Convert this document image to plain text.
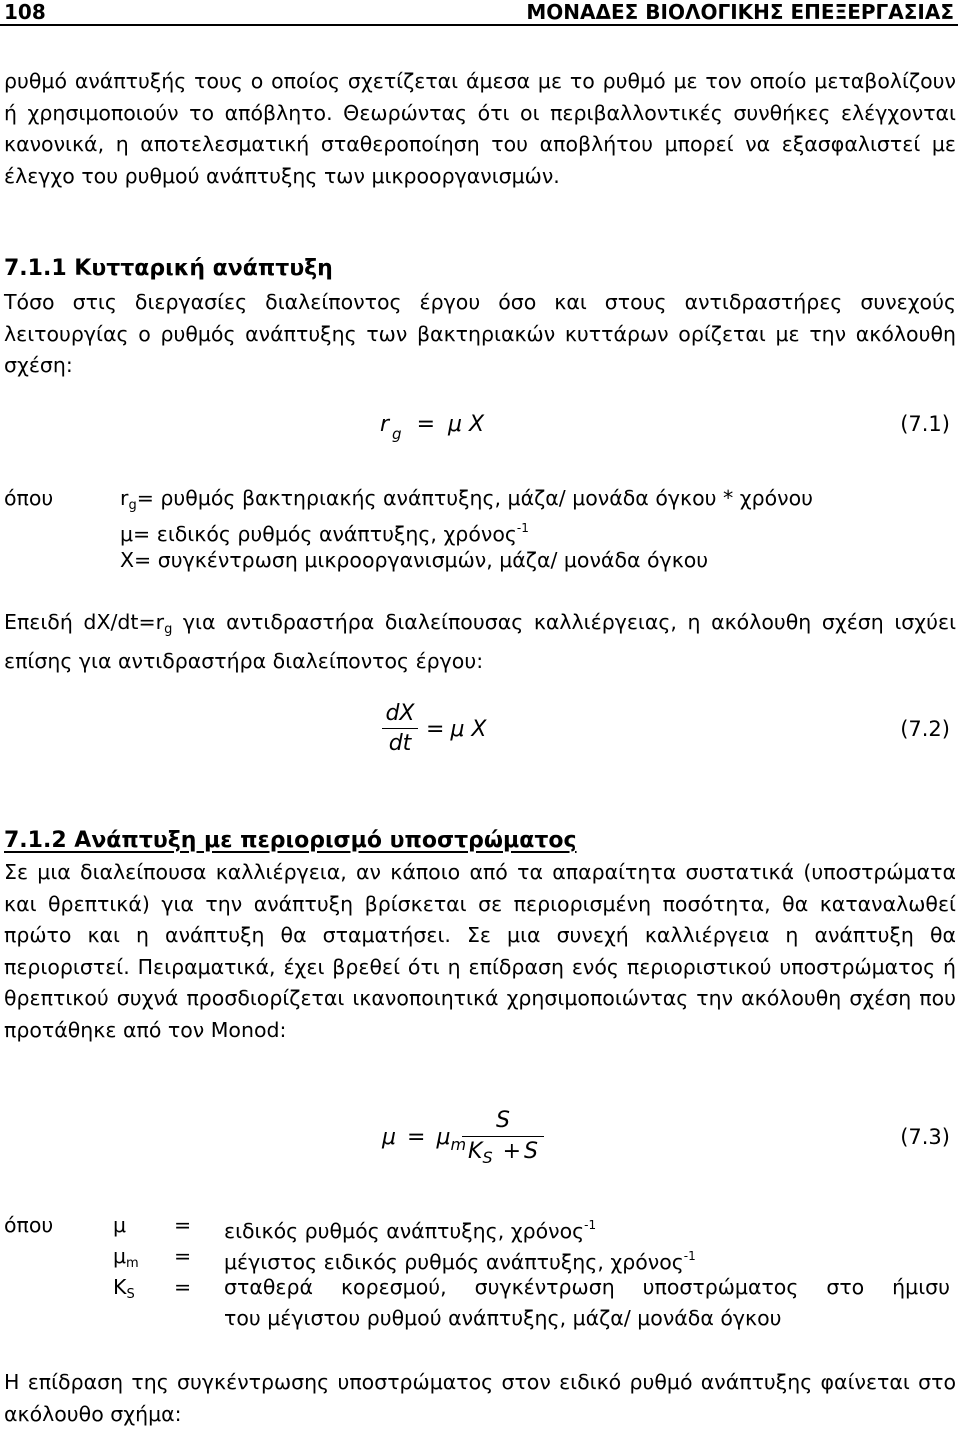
108	ΜΟΝΑΔΕΣ ΒΙΟΛΟΓΙΚΗΣ ΕΠΕΞΕΡΓΑΣΙΑΣ

ρυθμό ανάπτυξής τους ο οποίος σχετίζεται άμεσα με το ρυθμό με τον οποίο μεταβολίζουν ή χρησιμοποιούν το απόβλητο. Θεωρώντας ότι οι περιβαλλοντικές συνθήκες ελέγχονται κανονικά, η αποτελεσματική σταθεροποίηση του αποβλήτου μπορεί να εξασφαλιστεί με έλεγχο του ρυθμού ανάπτυξης των μικροοργανισμών.

7.1.1 Κυτταρική ανάπτυξη

Τόσο στις διεργασίες διαλείποντος έργου όσο και στους αντιδραστήρες συνεχούς λειτουργίας ο ρυθμός ανάπτυξης των βακτηριακών κυττάρων ορίζεται με την ακόλουθη σχέση:

r $_g$ = μ X	(7.1)
όπου	$r_g= \rho\upsilon\theta\mu ό\varsigma$ βακτηριακής ανάπτυξης, μάζα/ μονάδα όγκου * χρόνου
μ= ειδικός ρυθμός ανάπτυξης, χρόνος$^{-1}$
X= συγκέντρωση μικροοργανισμών, μάζα/ μονάδα όγκου

Επειδή $dX/dt=r_g$ για αντιδραστήρα διαλείπουσας καλλιέργειας, η ακόλουθη σχέση ισχύει επίσης για αντιδραστήρα διαλείποντος έργου:

$\frac{dX}{dt} = \mu$ X	(7.2)
7.1.2 Ανάπτυξη με περιορισμό υποστρώματος

Σε μια διαλείπουσα καλλιέργεια, αν κάποιο από τα απαραίτητα συστατικά (υποστρώματα και θρεπτικά) για την ανάπτυξη βρίσκεται σε περιορισμένη ποσότητα, θα καταναλωθεί πρώτο και η ανάπτυξη θα σταματήσει. Σε μια συνεχή καλλιέργεια η ανάπτυξη θα περιοριστεί. Πειραματικά, έχει βρεθεί ότι η επίδραση ενός περιοριστικού υποστρώματος ή θρεπτικού συχνά προσδιορίζεται ικανοποιητικά χρησιμοποιώντας την ακόλουθη σχέση που προτάθηκε από τον Monod:

$\mu = \mu_m$
$\frac{S}{K_S + S}$	(7.3)
όπου	μ = ειδικός ρυθμός ανάπτυξης, χρόνος$^{-1}$
$\mu_m = \mu έ\gamma\iota\sigma\tau o\varsigma$ ειδικός ρυθμός ανάπτυξης, χρόνος$^{-1}$
$K_S = \sigma\tau\alpha\theta\varepsilon\rho ά$ κορεσμού, συγκέντρωση υποστρώματος στο ήμισυ
του μέγιστου ρυθμού ανάπτυξης, μάζα/ μονάδα όγκου

Η επίδραση της συγκέντρωσης υποστρώματος στον ειδικό ρυθμό ανάπτυξης φαίνεται στο ακόλουθο σχήμα:
